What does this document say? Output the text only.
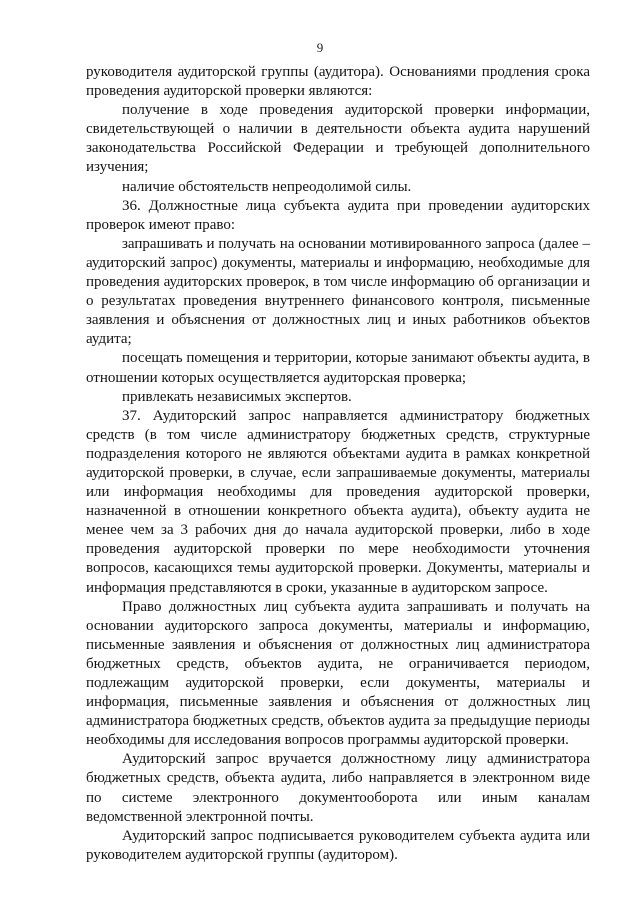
9

руководителя аудиторской группы (аудитора). Основаниями продления срока проведения аудиторской проверки являются:

получение в ходе проведения аудиторской проверки информации, свидетельствующей о наличии в деятельности объекта аудита нарушений законодательства Российской Федерации и требующей дополнительного изучения;

наличие обстоятельств непреодолимой силы.

36. Должностные лица субъекта аудита при проведении аудиторских проверок имеют право:

запрашивать и получать на основании мотивированного запроса (далее – аудиторский запрос) документы, материалы и информацию, необходимые для проведения аудиторских проверок, в том числе информацию об организации и о результатах проведения внутреннего финансового контроля, письменные заявления и объяснения от должностных лиц и иных работников объектов аудита;

посещать помещения и территории, которые занимают объекты аудита, в отношении которых осуществляется аудиторская проверка;

привлекать независимых экспертов.

37. Аудиторский запрос направляется администратору бюджетных средств (в том числе администратору бюджетных средств, структурные подразделения которого не являются объектами аудита в рамках конкретной аудиторской проверки, в случае, если запрашиваемые документы, материалы или информация необходимы для проведения аудиторской проверки, назначенной в отношении конкретного объекта аудита), объекту аудита не менее чем за 3 рабочих дня до начала аудиторской проверки, либо в ходе проведения аудиторской проверки по мере необходимости уточнения вопросов, касающихся темы аудиторской проверки. Документы, материалы и информация представляются в сроки, указанные в аудиторском запросе.

Право должностных лиц субъекта аудита запрашивать и получать на основании аудиторского запроса документы, материалы и информацию, письменные заявления и объяснения от должностных лиц администратора бюджетных средств, объектов аудита, не ограничивается периодом, подлежащим аудиторской проверки, если документы, материалы и информация, письменные заявления и объяснения от должностных лиц администратора бюджетных средств, объектов аудита за предыдущие периоды необходимы для исследования вопросов программы аудиторской проверки.

Аудиторский запрос вручается должностному лицу администратора бюджетных средств, объекта аудита, либо направляется в электронном виде по системе электронного документооборота или иным каналам ведомственной электронной почты.

Аудиторский запрос подписывается руководителем субъекта аудита или руководителем аудиторской группы (аудитором).
